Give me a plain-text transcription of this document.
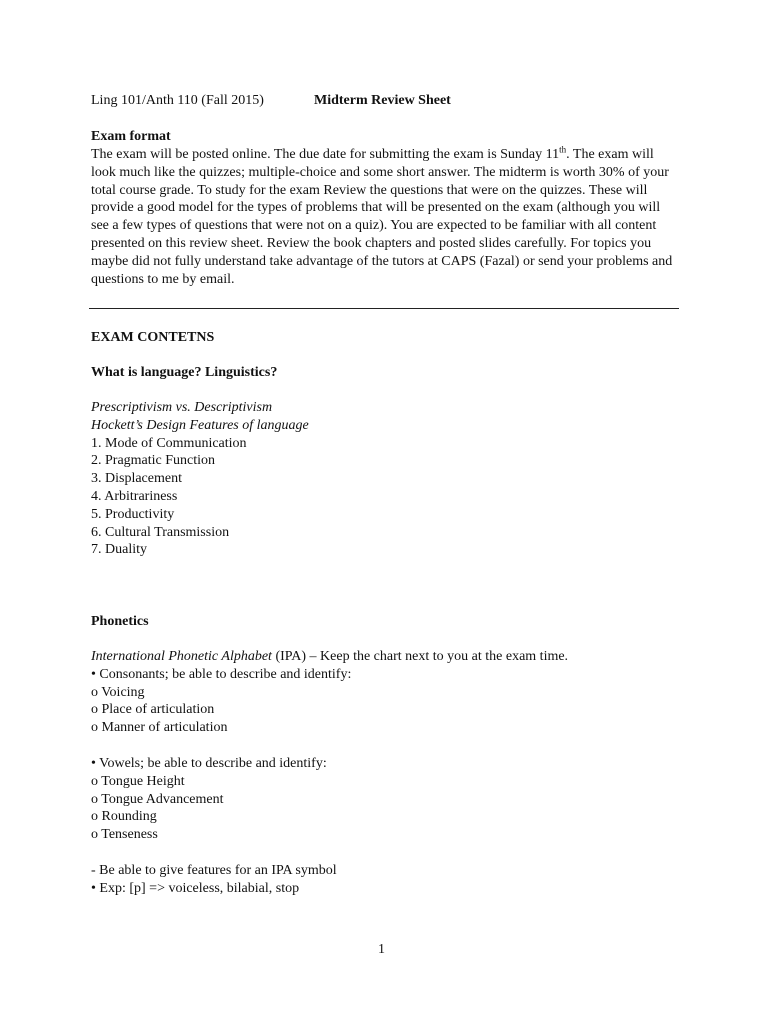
Ling 101/Anth 110 (Fall 2015)	Midterm Review Sheet
Exam format

The exam will be posted online. The due date for submitting the exam is Sunday 11th. The exam will look much like the quizzes; multiple-choice and some short answer. The midterm is worth 30% of your total course grade. To study for the exam Review the questions that were on the quizzes. These will provide a good model for the types of problems that will be presented on the exam (although you will see a few types of questions that were not on a quiz). You are expected to be familiar with all content presented on this review sheet. Review the book chapters and posted slides carefully. For topics you maybe did not fully understand take advantage of the tutors at CAPS (Fazal) or send your problems and questions to me by email.

EXAM CONTETNS
What is language? Linguistics?
Prescriptivism vs. Descriptivism
Hockett’s Design Features of language
1. Mode of Communication
2. Pragmatic Function
3. Displacement
4. Arbitrariness
5. Productivity
6. Cultural Transmission
7. Duality
Phonetics
International Phonetic Alphabet (IPA) – Keep the chart next to you at the exam time.
• Consonants; be able to describe and identify:
o Voicing
o Place of articulation
o Manner of articulation
• Vowels; be able to describe and identify:
o Tongue Height
o Tongue Advancement
o Rounding
o Tenseness
- Be able to give features for an IPA symbol
• Exp: [p] => voiceless, bilabial, stop
1
